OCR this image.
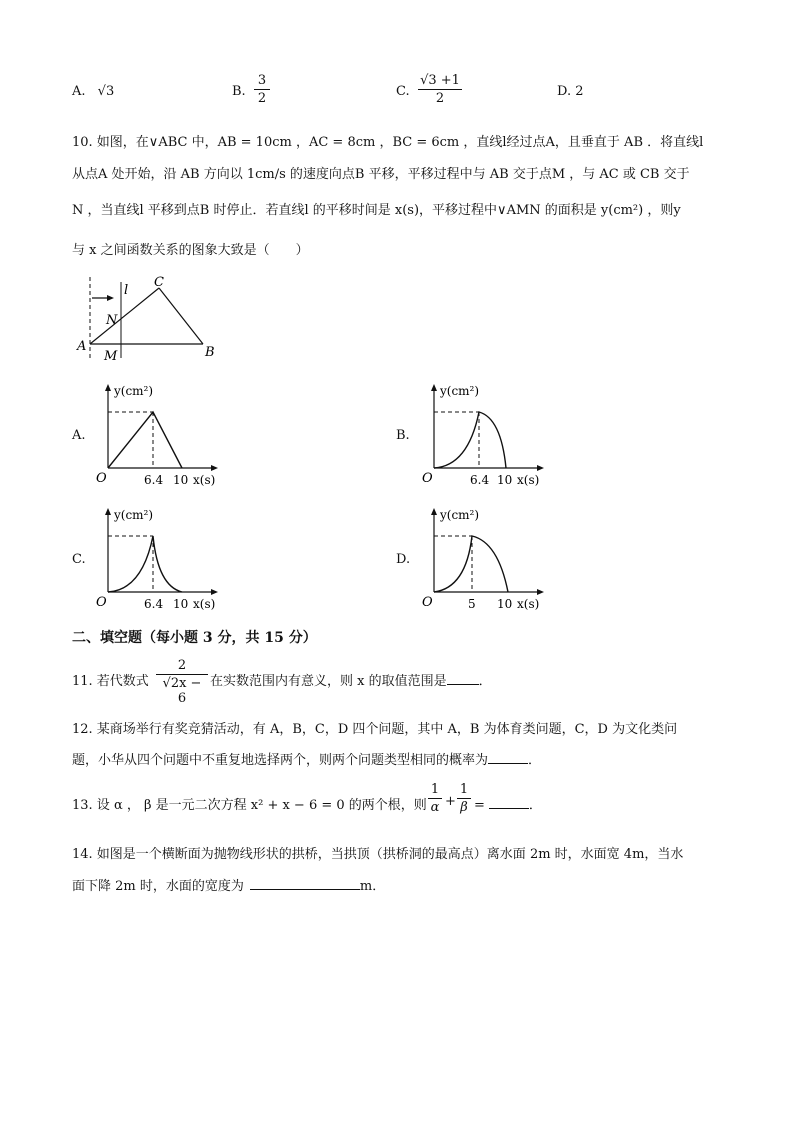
A. √3	B.
3
2	C.
√3 +1
2	D. 2
10. 如图，在∨ABC 中，AB = 10cm ，AC = 8cm ，BC = 6cm ，直线l经过点A，且垂直于 AB ．将直线l
从点A 处开始，沿 AB 方向以 1cm/s 的速度向点B 平移，平移过程中与 AB 交于点M ，与 AC 或 CB 交于
N ，当直线l 平移到点B 时停止．若直线l 的平移时间是 x(s)，平移过程中∨AMN 的面积是 y(cm²) ，则y
与 x 之间函数关系的图象大致是（　　）
A	B
C
N
M
l
A.
y(cm²)
O	6.4 10 x(s)
B.
y(cm²)
O	6.4 10 x(s)
C.
y(cm²)
O	6.4 10 x(s)
D.
y(cm²)
O	5 10 x(s)
二、填空题（每小题 3 分，共 15 分）
11. 若代数式
2
√2x − 6
在实数范围内有意义，则 x 的取值范围是 ．
12. 某商场举行有奖竞猜活动，有 A，B，C，D 四个问题，其中 A，B 为体育类问题，C，D 为文化类问
题，小华从四个问题中不重复地选择两个，则两个问题类型相同的概率为	．
13. 设 α ， β 是一元二次方程 x² + x − 6 = 0 的两个根，则
1
α +
1
β =	．
14. 如图是一个横断面为抛物线形状的拱桥，当拱顶（拱桥洞的最高点）离水面 2m 时，水面宽 4m，当水
面下降 2m 时，水面的宽度为	m．
